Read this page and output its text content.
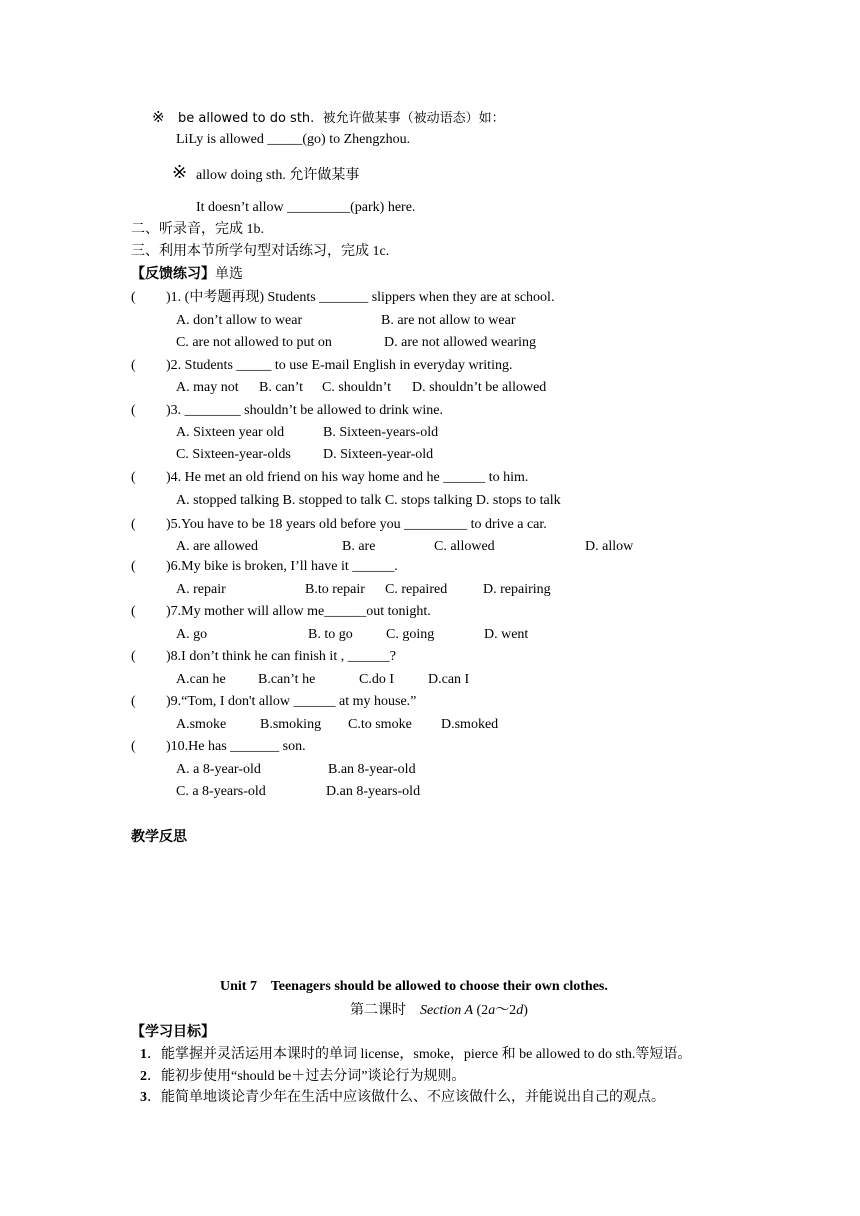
※ be allowed to do sth.  被允许做某事（被动语态）如：
LiLy is allowed _____(go) to Zhengzhou.
※ allow doing sth. 允许做某事
It doesn’t allow _________(park) here.
二、听录音，完成 1b.
三、利用本节所学句型对话练习，完成 1c.
【反馈练习】单选
( )1. (中考题再现) Students _______ slippers when they are at school.
A. don’t allow to wear	B. are not allow to wear
C. are not allowed to put on	D. are not allowed wearing
( )2. Students _____ to use E-mail English in everyday writing.
A. may not B. can’t C. shouldn’t D. shouldn’t be allowed
( )3. ________ shouldn’t be allowed to drink wine.
A. Sixteen year old	B. Sixteen-years-old
C. Sixteen-year-olds D. Sixteen-year-old
( )4. He met an old friend on his way home and he ______ to him.
A. stopped talking B. stopped to talk C. stops talking D. stops to talk
( )5.You have to be 18 years old before you _________ to drive a car.
A. are allowed	B. are	C. allowed	D. allow
( )6.My bike is broken, I’ll have it ______.
A. repair	B.to repair C. repaired	D. repairing
( )7.My mother will allow me______out tonight.
A. go	B. to go C. going	D. went
( )8.I don’t think he can finish it , ______?
A.can he B.can’t he	C.do I D.can I
( )9.“Tom, I don't allow ______ at my house.”
A.smoke B.smoking C.to smoke D.smoked
( )10.He has _______ son.
A. a 8-year-old	B.an 8-year-old
C. a 8-years-old	D.an 8-years-old
教学反思
Unit 7    Teenagers should be allowed to choose their own clothes.
第二课时 Section A (2a～2d)
【学习目标】
1．能掌握并灵活运用本课时的单词 license，smoke，pierce 和 be allowed to do sth.等短语。
2．能初步使用“should be＋过去分词”谈论行为规则。
3．能简单地谈论青少年在生活中应该做什么、不应该做什么，并能说出自己的观点。
